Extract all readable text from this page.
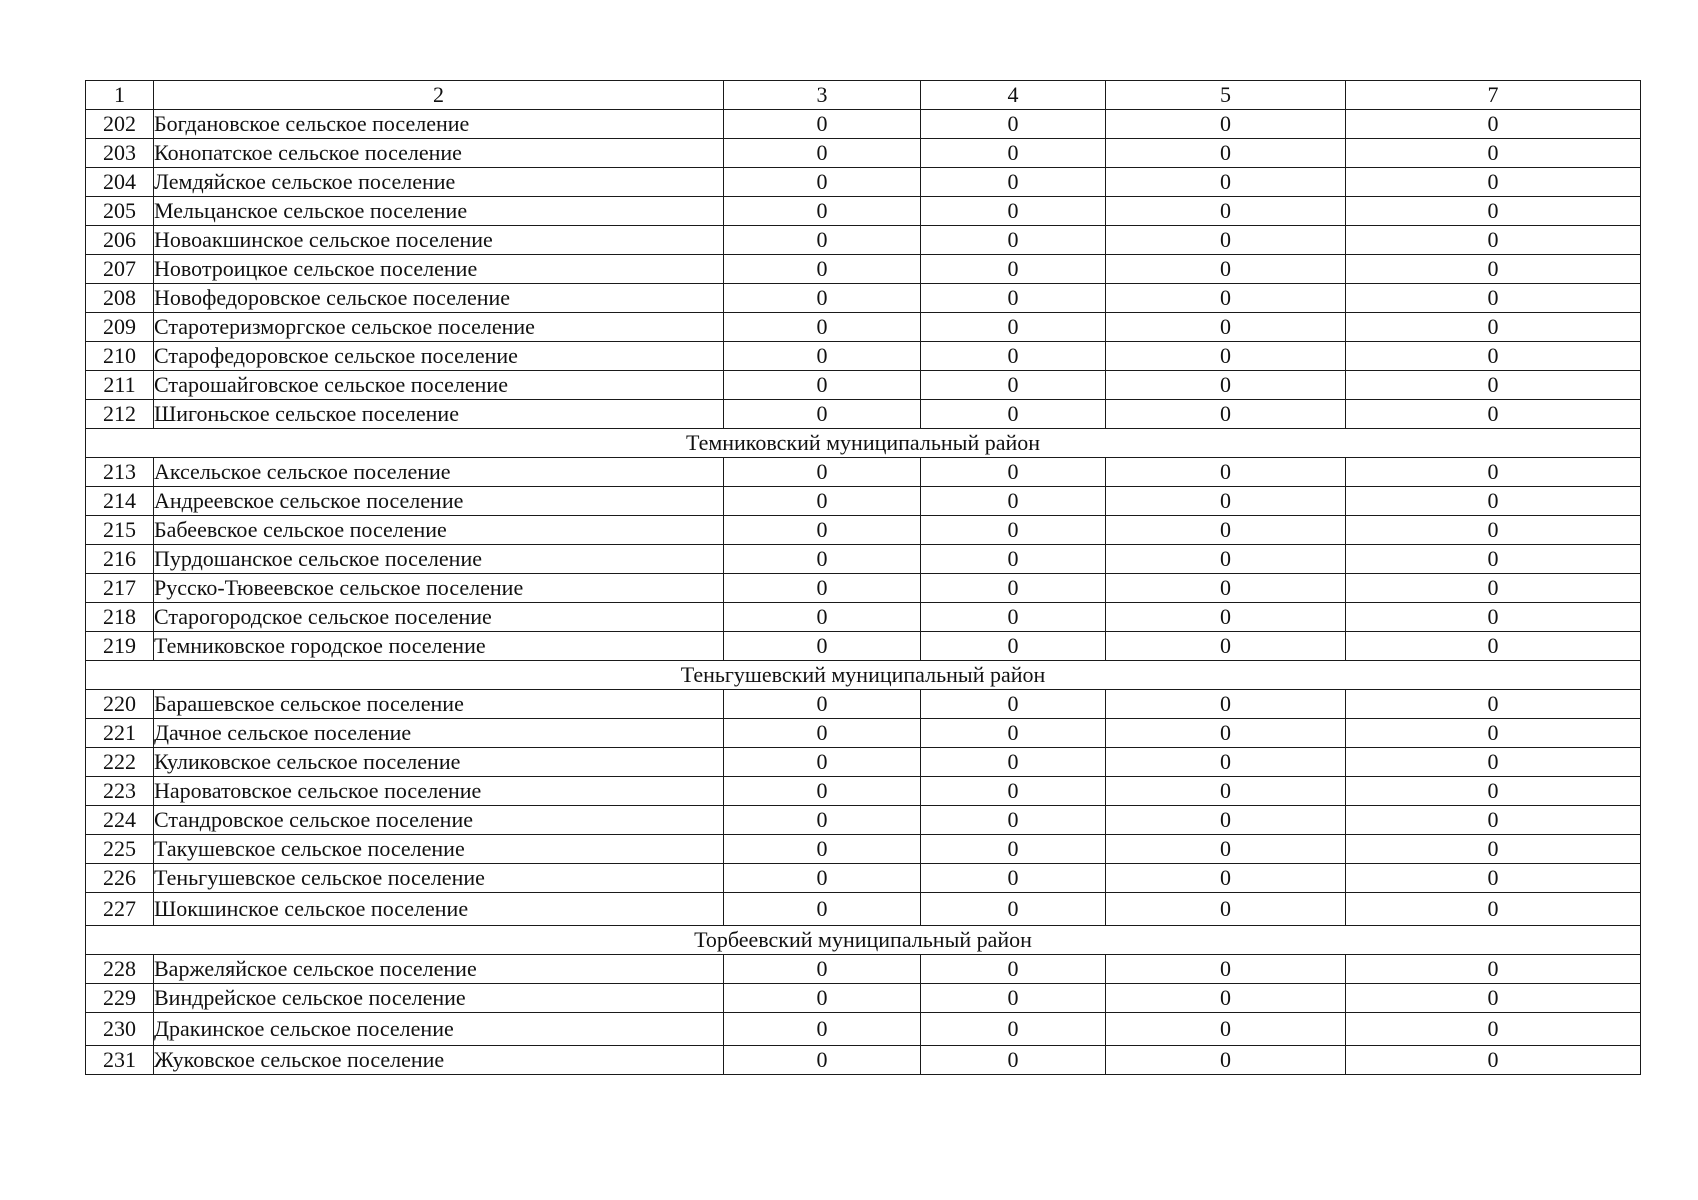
1	2	3	4	5	7
202	Богдановское сельское поселение	0	0	0	0
203	Конопатское сельское поселение	0	0	0	0
204	Лемдяйское сельское поселение	0	0	0	0
205	Мельцанское сельское поселение	0	0	0	0
206	Новоакшинское сельское поселение	0	0	0	0
207	Новотроицкое сельское поселение	0	0	0	0
208	Новофедоровское сельское поселение	0	0	0	0
209	Старотеризморгское сельское поселение	0	0	0	0
210	Старофедоровское сельское поселение	0	0	0	0
211	Старошайговское сельское поселение	0	0	0	0
212	Шигоньское сельское поселение	0	0	0	0
Темниковский муниципальный район					
213	Аксельское сельское поселение	0	0	0	0
214	Андреевское сельское поселение	0	0	0	0
215	Бабеевское сельское поселение	0	0	0	0
216	Пурдошанское сельское поселение	0	0	0	0
217	Русско-Тювеевское сельское поселение	0	0	0	0
218	Старогородское сельское поселение	0	0	0	0
219	Темниковское городское поселение	0	0	0	0
Теньгушевский муниципальный район					
220	Барашевское сельское поселение	0	0	0	0
221	Дачное сельское поселение	0	0	0	0
222	Куликовское сельское поселение	0	0	0	0
223	Нароватовское сельское поселение	0	0	0	0
224	Стандровское сельское поселение	0	0	0	0
225	Такушевское сельское поселение	0	0	0	0
226	Теньгушевское сельское поселение	0	0	0	0
227	Шокшинское сельское поселение	0	0	0	0
Торбеевский муниципальный район					
228	Варжеляйское сельское поселение	0	0	0	0
229	Виндрейское сельское поселение	0	0	0	0
230	Дракинское сельское поселение	0	0	0	0
231	Жуковское сельское поселение	0	0	0	0
